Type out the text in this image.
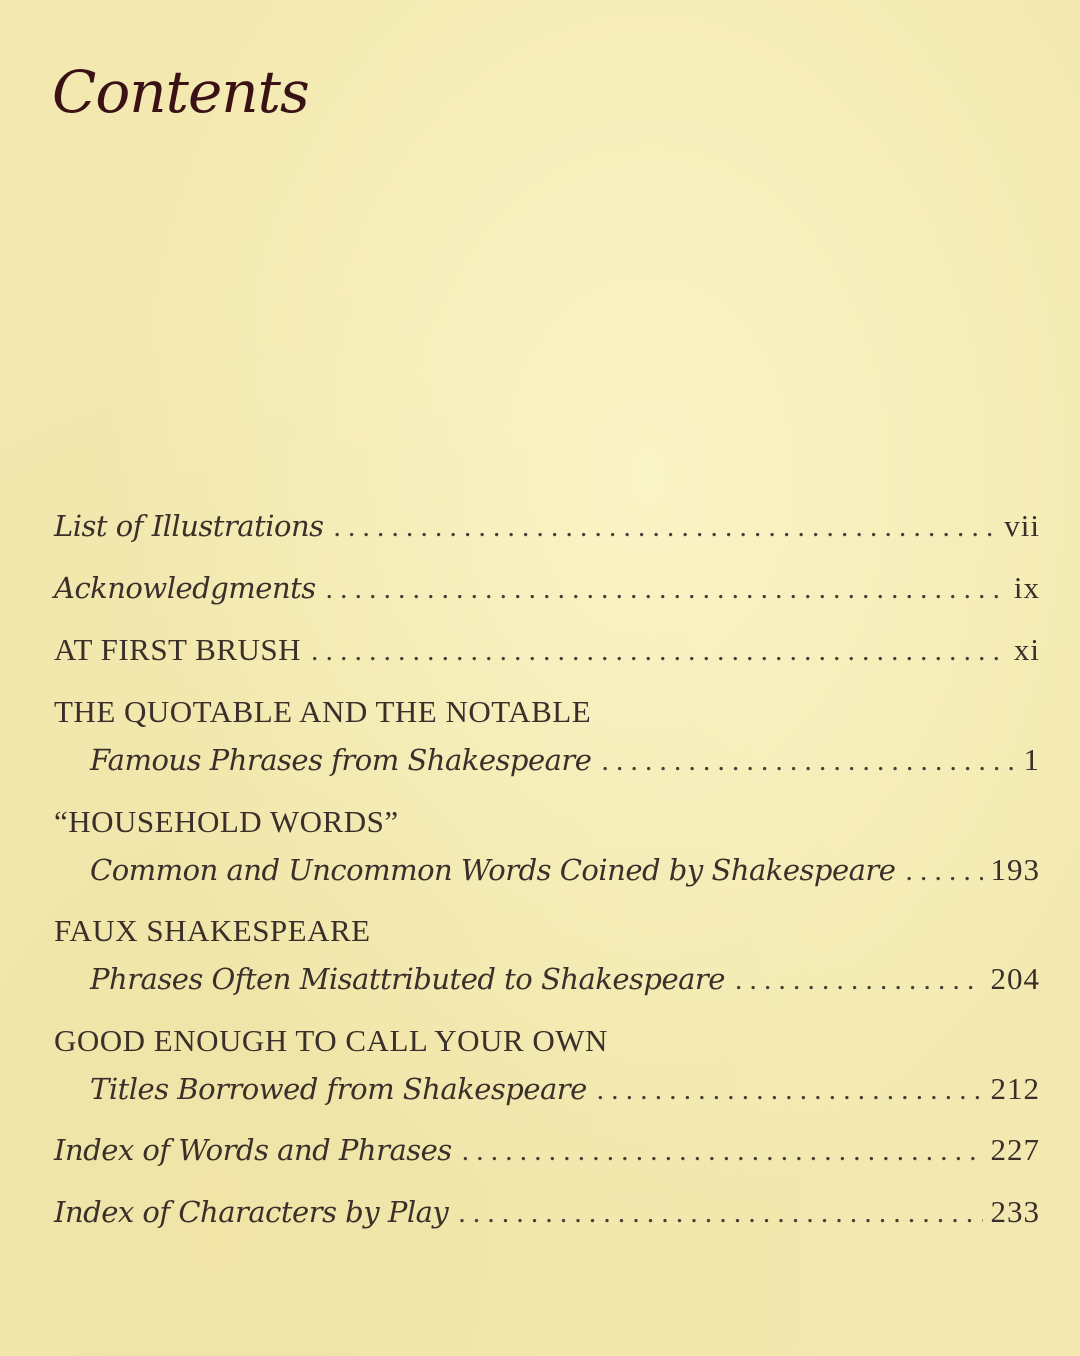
Contents
List of Illustrations . . .	vii
Acknowledgments . . .	ix
AT FIRST BRUSH . . .	xi
THE QUOTABLE AND THE NOTABLE
Famous Phrases from Shakespeare . . .	1
“HOUSEHOLD WORDS”
Common and Uncommon Words Coined by Shakespeare . . .	193
FAUX SHAKESPEARE
Phrases Often Misattributed to Shakespeare . . .	204
GOOD ENOUGH TO CALL YOUR OWN
Titles Borrowed from Shakespeare . . .	212
Index of Words and Phrases . . .	227
Index of Characters by Play . . .	233
